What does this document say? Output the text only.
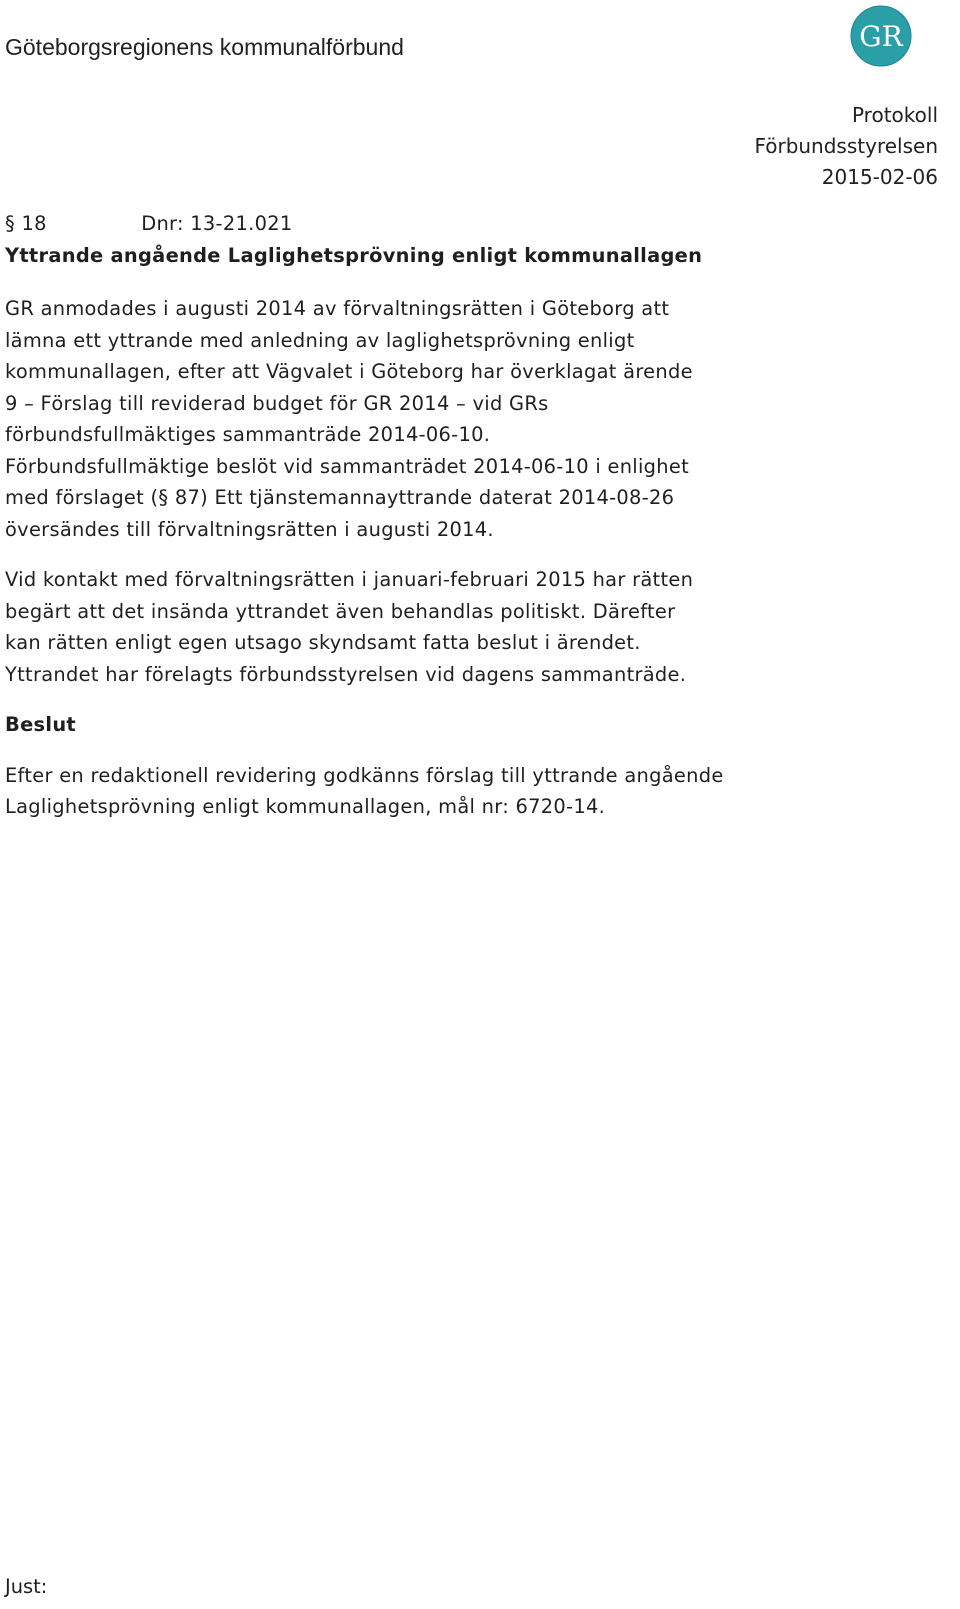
Göteborgsregionens kommunalförbund	GR
Protokoll
Förbundsstyrelsen
2015-02-06
§ 18	Dnr: 13-21.021
Yttrande angående Laglighetsprövning enligt kommunallagen

GR anmodades i augusti 2014 av förvaltningsrätten i Göteborg att
lämna ett yttrande med anledning av laglighetsprövning enligt
kommunallagen, efter att Vägvalet i Göteborg har överklagat ärende
9 – Förslag till reviderad budget för GR 2014 – vid GRs
förbundsfullmäktiges sammanträde 2014-06-10.
Förbundsfullmäktige beslöt vid sammanträdet 2014-06-10 i enlighet
med förslaget (§ 87) Ett tjänstemannayttrande daterat 2014-08-26
översändes till förvaltningsrätten i augusti 2014.

Vid kontakt med förvaltningsrätten i januari-februari 2015 har rätten
begärt att det insända yttrandet även behandlas politiskt. Därefter
kan rätten enligt egen utsago skyndsamt fatta beslut i ärendet.
Yttrandet har förelagts förbundsstyrelsen vid dagens sammanträde.

Beslut

Efter en redaktionell revidering godkänns förslag till yttrande angående
Laglighetsprövning enligt kommunallagen, mål nr: 6720-14.

Just:
